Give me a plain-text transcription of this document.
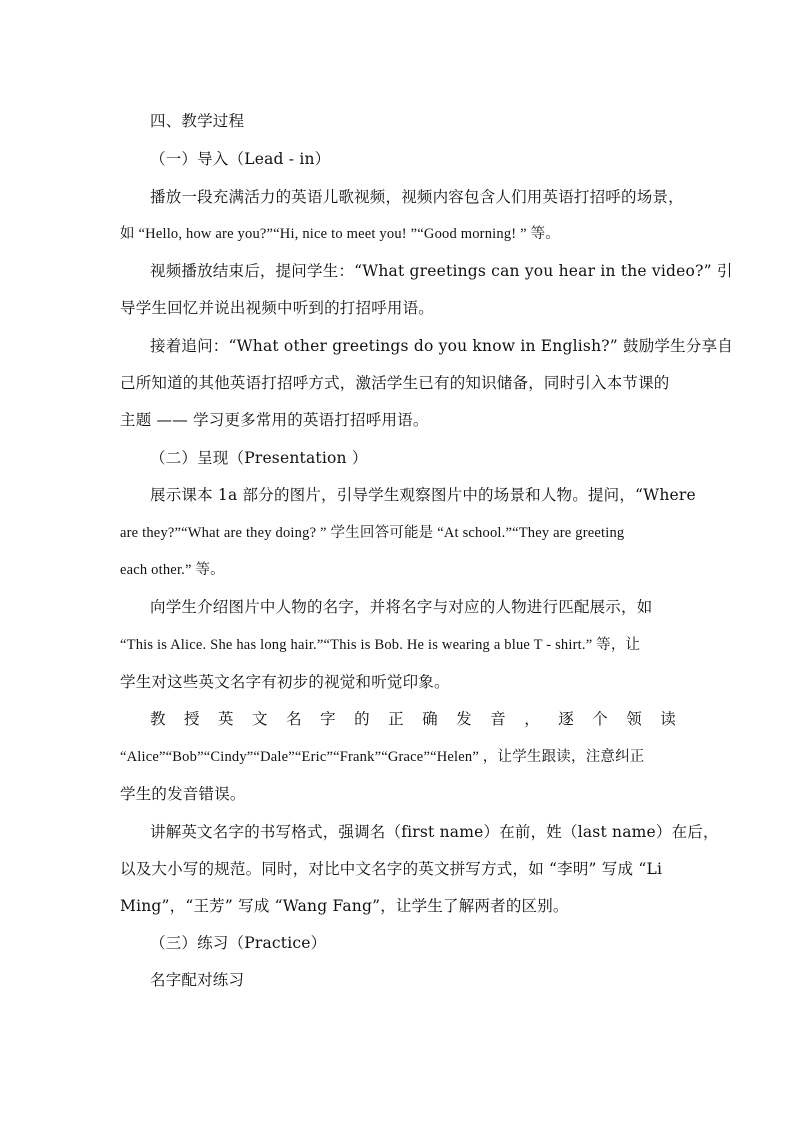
四、教学过程
（一）导入（Lead - in）
播放一段充满活力的英语儿歌视频，视频内容包含人们用英语打招呼的场景，
如 “Hello, how are you?”“Hi, nice to meet you! ”“Good morning! ” 等。
视频播放结束后，提问学生：“What greetings can you hear in the video?” 引
导学生回忆并说出视频中听到的打招呼用语。
接着追问：“What other greetings do you know in English?” 鼓励学生分享自
己所知道的其他英语打招呼方式，激活学生已有的知识储备，同时引入本节课的
主题 —— 学习更多常用的英语打招呼用语。
（二）呈现（Presentation ）
展示课本 1a 部分的图片，引导学生观察图片中的场景和人物。提问，“Where
are they?”“What are they doing? ” 学生回答可能是 “At school.”“They are greeting
each other.” 等。
向学生介绍图片中人物的名字，并将名字与对应的人物进行匹配展示，如
“This is Alice. She has long hair.”“This is Bob. He is wearing a blue T - shirt.” 等，让
学生对这些英文名字有初步的视觉和听觉印象。
教授英文名字的正确发音，逐个领读
“Alice”“Bob”“Cindy”“Dale”“Eric”“Frank”“Grace”“Helen” ，让学生跟读，注意纠正
学生的发音错误。
讲解英文名字的书写格式，强调名（first name）在前，姓（last name）在后，
以及大小写的规范。同时，对比中文名字的英文拼写方式，如 “李明” 写成 “Li
Ming”，“王芳” 写成 “Wang Fang”，让学生了解两者的区别。
（三）练习（Practice）
名字配对练习
